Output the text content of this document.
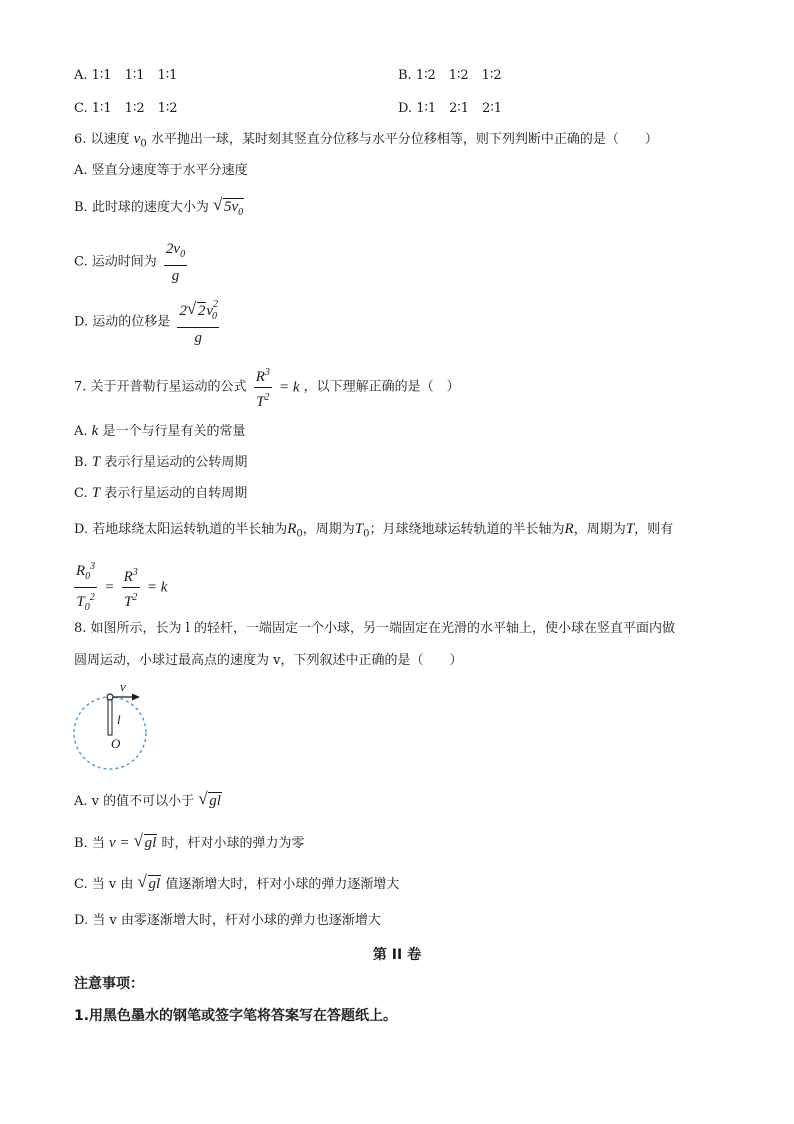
A. 1∶1　1∶1　1∶1	B. 1∶2　1∶2　1∶2
C. 1∶1　1∶2　1∶2	D. 1∶1　2∶1　2∶1
6. 以速度 $v_0$ 水平抛出一球，某时刻其竖直分位移与水平分位移相等，则下列判断中正确的是（　　）
A. 竖直分速度等于水平分速度
B. 此时球的速度大小为 √ $5v_0$
C. 运动时间为 $\frac{2v_0}{g}$
D. 运动的位移是 $\frac{2 √ 2v^2_0}{g}$
7. 关于开普勒行星运动的公式 $\frac{R^3}{T^2} = k$ ，以下理解正确的是（　）
A. k 是一个与行星有关的常量
B. T 表示行星运动的公转周期
C. T 表示行星运动的自转周期
D. 若地球绕太阳运转轨道的半长轴为$R_0$，周期为$T_0$；月球绕地球运转轨道的半长轴为R，周期为T，则有
$\frac{R_0^3}{T_0^2} = \frac{R^3}{T^2} = k$
8. 如图所示，长为 l 的轻杆，一端固定一个小球，另一端固定在光滑的水平轴上，使小球在竖直平面内做
圆周运动，小球过最高点的速度为 v，下列叙述中正确的是（　　）
v
l
O
A. v 的值不可以小于 √ gl
B. 当 v = √ gl 时，杆对小球的弹力为零
C. 当 v 由 √ gl 值逐渐增大时，杆对小球的弹力逐渐增大
D. 当 v 由零逐渐增大时，杆对小球的弹力也逐渐增大
第 II 卷
注意事项：
1.用黑色墨水的钢笔或签字笔将答案写在答题纸上。
